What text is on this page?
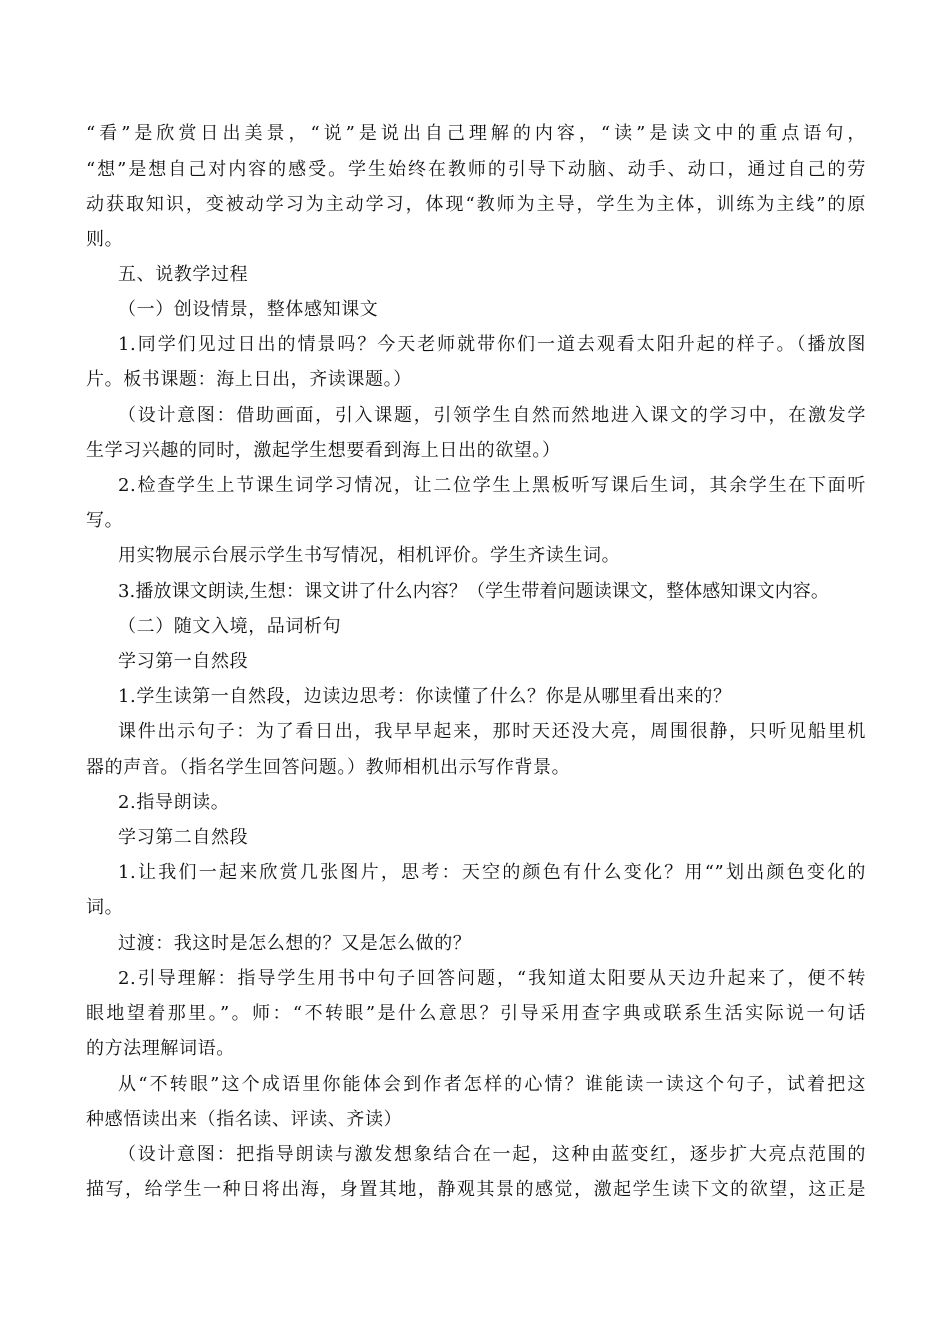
“看”是欣赏日出美景，“说”是说出自己理解的内容，“读”是读文中的重点语句，
“想”是想自己对内容的感受。学生始终在教师的引导下动脑、动手、动口，通过自己的劳
动获取知识，变被动学习为主动学习，体现“教师为主导，学生为主体，训练为主线”的原
则。
五、说教学过程
（一）创设情景，整体感知课文
1.同学们见过日出的情景吗？今天老师就带你们一道去观看太阳升起的样子。（播放图
片。板书课题：海上日出，齐读课题。）
（设计意图：借助画面，引入课题，引领学生自然而然地进入课文的学习中，在激发学
生学习兴趣的同时，激起学生想要看到海上日出的欲望。）
2.检查学生上节课生词学习情况，让二位学生上黑板听写课后生词，其余学生在下面听
写。
用实物展示台展示学生书写情况，相机评价。学生齐读生词。
3.播放课文朗读,生想：课文讲了什么内容？（学生带着问题读课文，整体感知课文内容。
（二）随文入境，品词析句
学习第一自然段
1.学生读第一自然段，边读边思考：你读懂了什么？你是从哪里看出来的？
课件出示句子：为了看日出，我早早起来，那时天还没大亮，周围很静，只听见船里机
器的声音。（指名学生回答问题。）教师相机出示写作背景。
2.指导朗读。
学习第二自然段
1.让我们一起来欣赏几张图片，思考：天空的颜色有什么变化？用“”划出颜色变化的
词。
过渡：我这时是怎么想的？又是怎么做的？
2.引导理解：指导学生用书中句子回答问题，“我知道太阳要从天边升起来了，便不转
眼地望着那里。”。师：“不转眼”是什么意思？引导采用查字典或联系生活实际说一句话
的方法理解词语。
从“不转眼”这个成语里你能体会到作者怎样的心情？谁能读一读这个句子，试着把这
种感悟读出来（指名读、评读、齐读）
（设计意图：把指导朗读与激发想象结合在一起，这种由蓝变红，逐步扩大亮点范围的
描写，给学生一种日将出海，身置其地，静观其景的感觉，激起学生读下文的欲望，这正是
